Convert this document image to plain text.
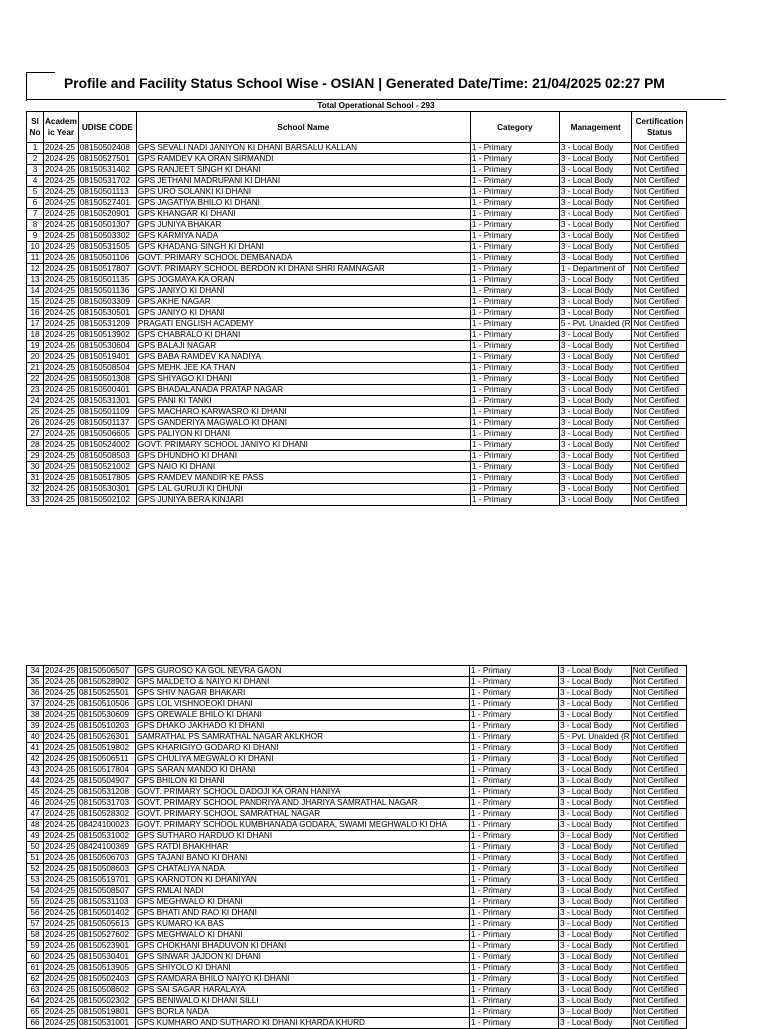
Profile and Facility Status School Wise - OSIAN | Generated Date/Time: 21/04/2025 02:27 PM
Total Operational School - 293
Sl No	Academ ic Year	UDISE CODE	School Name	Category	Management	Certification Status
1	2024-25	08150502408	GPS SEVALI NADI JANIYON KI DHANI BARSALU KALLAN	1 - Primary	3 - Local Body	Not Certified
2	2024-25	08150527501	GPS RAMDEV KA ORAN SIRMANDI	1 - Primary	3 - Local Body	Not Certified
3	2024-25	08150531402	GPS RANJEET SINGH KI DHANI	1 - Primary	3 - Local Body	Not Certified
4	2024-25	08150531702	GPS JETHANI MADRUPANI KI DHANI	1 - Primary	3 - Local Body	Not Certified
5	2024-25	08150501113	GPS URO SOLANKI KI DHANI	1 - Primary	3 - Local Body	Not Certified
6	2024-25	08150527401	GPS JAGATIYA BHILO KI DHANI	1 - Primary	3 - Local Body	Not Certified
7	2024-25	08150520901	GPS KHANGAR KI DHANI	1 - Primary	3 - Local Body	Not Certified
8	2024-25	08150501307	GPS JUNIYA BHAKAR	1 - Primary	3 - Local Body	Not Certified
9	2024-25	08150503302	GPS KARMIYA NADA	1 - Primary	3 - Local Body	Not Certified
10	2024-25	08150531505	GPS KHADANG SINGH KI DHANI	1 - Primary	3 - Local Body	Not Certified
11	2024-25	08150501106	GOVT. PRIMARY SCHOOL DEMBANADA	1 - Primary	3 - Local Body	Not Certified
12	2024-25	08150517807	GOVT. PRIMARY SCHOOL BERDON KI DHANI SHRI RAMNAGAR	1 - Primary	1 - Department of	Not Certified
13	2024-25	08150501135	GPS JOGMAYA KA ORAN	1 - Primary	3 - Local Body	Not Certified
14	2024-25	08150501136	GPS JANIYO KI DHANI	1 - Primary	3 - Local Body	Not Certified
15	2024-25	08150503309	GPS AKHE NAGAR	1 - Primary	3 - Local Body	Not Certified
16	2024-25	08150530501	GPS JANIYO KI DHANI	1 - Primary	3 - Local Body	Not Certified
17	2024-25	08150531209	PRAGATI ENGLISH ACADEMY	1 - Primary	5 - Pvt. Unaided (R	Not Certified
18	2024-25	08150513902	GPS CHABRALO KI DHANI	1 - Primary	3 - Local Body	Not Certified
19	2024-25	08150530604	GPS BALAJI NAGAR	1 - Primary	3 - Local Body	Not Certified
20	2024-25	08150519401	GPS BABA RAMDEV KA NADIYA	1 - Primary	3 - Local Body	Not Certified
21	2024-25	08150508504	GPS MEHK JEE KA THAN	1 - Primary	3 - Local Body	Not Certified
22	2024-25	08150501308	GPS SHIYAGO KI DHANI	1 - Primary	3 - Local Body	Not Certified
23	2024-25	08150500401	GPS BHADALANADA PRATAP NAGAR	1 - Primary	3 - Local Body	Not Certified
24	2024-25	08150531301	GPS PANI KI TANKI	1 - Primary	3 - Local Body	Not Certified
25	2024-25	08150501109	GPS MACHARO KARWASRO KI DHANI	1 - Primary	3 - Local Body	Not Certified
26	2024-25	08150501137	GPS GANDERIYA MAGWALO KI DHANI	1 - Primary	3 - Local Body	Not Certified
27	2024-25	08150506605	GPS PALIYON KI DHANI	1 - Primary	3 - Local Body	Not Certified
28	2024-25	08150524002	GOVT. PRIMARY SCHOOL JANIYO KI DHANI	1 - Primary	3 - Local Body	Not Certified
29	2024-25	08150508503	GPS DHUNDHO KI DHANI	1 - Primary	3 - Local Body	Not Certified
30	2024-25	08150521002	GPS NAIO KI DHANI	1 - Primary	3 - Local Body	Not Certified
31	2024-25	08150517805	GPS RAMDEV MANDIR KE PASS	1 - Primary	3 - Local Body	Not Certified
32	2024-25	08150530301	GPS LAL GURUJI KI DHUNI	1 - Primary	3 - Local Body	Not Certified
33	2024-25	08150502102	GPS JUNIYA BERA KINJARI	1 - Primary	3 - Local Body	Not Certified
34	2024-25	08150506507	GPS GUROSO KA GOL NEVRA GAON	1 - Primary	3 - Local Body	Not Certified
35	2024-25	08150528902	GPS MALDETO & NAIYO KI DHANI	1 - Primary	3 - Local Body	Not Certified
36	2024-25	08150525501	GPS SHIV NAGAR BHAKARI	1 - Primary	3 - Local Body	Not Certified
37	2024-25	08150510506	GPS LOL VISHNOEOKI DHANI	1 - Primary	3 - Local Body	Not Certified
38	2024-25	08150530609	GPS OREWALE BHILO KI DHANI	1 - Primary	3 - Local Body	Not Certified
39	2024-25	08150510203	GPS DHAKO JAKHADO KI DHANI	1 - Primary	3 - Local Body	Not Certified
40	2024-25	08150526301	SAMRATHAL PS SAMRATHAL NAGAR AKLKHOR	1 - Primary	5 - Pvt. Unaided (R	Not Certified
41	2024-25	08150519802	GPS KHARIGIYO GODARO KI DHANI	1 - Primary	3 - Local Body	Not Certified
42	2024-25	08150506511	GPS CHULIYA MEGWALO KI DHANI	1 - Primary	3 - Local Body	Not Certified
43	2024-25	08150517804	GPS SARAN MANDO KI DHANI	1 - Primary	3 - Local Body	Not Certified
44	2024-25	08150504907	GPS BHILON KI DHANI	1 - Primary	3 - Local Body	Not Certified
45	2024-25	08150531208	GOVT. PRIMARY SCHOOL DADOJI KA ORAN HANIYA	1 - Primary	3 - Local Body	Not Certified
46	2024-25	08150531703	GOVT. PRIMARY SCHOOL PANDRIYA AND JHARIYA SAMRATHAL NAGAR	1 - Primary	3 - Local Body	Not Certified
47	2024-25	08150528302	GOVT. PRIMARY SCHOOL SAMRATHAL NAGAR	1 - Primary	3 - Local Body	Not Certified
48	2024-25	08424100023	GOVT. PRIMARY SCHOOL KUMBHANADA GODARA, SWAMI MEGHWALO KI DHA	1 - Primary	3 - Local Body	Not Certified
49	2024-25	08150531002	GPS SUTHARO HARDUO KI DHANI	1 - Primary	3 - Local Body	Not Certified
50	2024-25	08424100369	GPS RATDI BHAKHHAR	1 - Primary	3 - Local Body	Not Certified
51	2024-25	08150506703	GPS TAJANI BANO KI DHANI	1 - Primary	3 - Local Body	Not Certified
52	2024-25	08150508603	GPS CHATALIYA NADA	1 - Primary	3 - Local Body	Not Certified
53	2024-25	08150519701	GPS KARNOTON KI DHANIYAN	1 - Primary	3 - Local Body	Not Certified
54	2024-25	08150508507	GPS RMLAI NADI	1 - Primary	3 - Local Body	Not Certified
55	2024-25	08150531103	GPS MEGHWALO KI DHANI	1 - Primary	3 - Local Body	Not Certified
56	2024-25	08150501402	GPS BHATI AND RAO KI DHANI	1 - Primary	3 - Local Body	Not Certified
57	2024-25	08150505613	GPS KUMARO KA BAS	1 - Primary	3 - Local Body	Not Certified
58	2024-25	08150527602	GPS MEGHWALO KI DHANI	1 - Primary	3 - Local Body	Not Certified
59	2024-25	08150523901	GPS CHOKHANI BHADUVON KI DHANI	1 - Primary	3 - Local Body	Not Certified
60	2024-25	08150530401	GPS SINWAR JAJDON KI DHANI	1 - Primary	3 - Local Body	Not Certified
61	2024-25	08150513905	GPS SHIYOLO KI DHANI	1 - Primary	3 - Local Body	Not Certified
62	2024-25	08150502403	GPS RAMDARA BHILO NAIYO KI DHANI	1 - Primary	3 - Local Body	Not Certified
63	2024-25	08150508602	GPS SAI SAGAR HARALAYA	1 - Primary	3 - Local Body	Not Certified
64	2024-25	08150502302	GPS BENIWALO KI DHANI SILLI	1 - Primary	3 - Local Body	Not Certified
65	2024-25	08150519801	GPS BORLA NADA	1 - Primary	3 - Local Body	Not Certified
66	2024-25	08150531001	GPS KUMHARO AND SUTHARO KI DHANI KHARDA KHURD	1 - Primary	3 - Local Body	Not Certified
